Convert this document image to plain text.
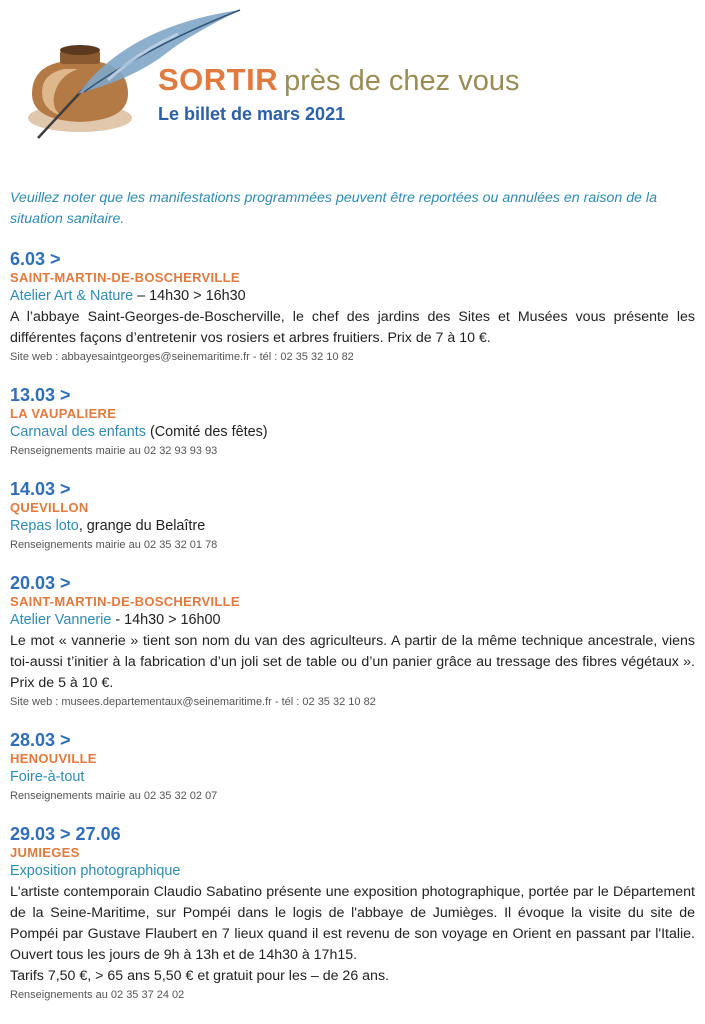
SORTIR près de chez vous
Le billet de mars 2021
Veuillez noter que les manifestations programmées peuvent être reportées ou annulées en raison de la situation sanitaire.
6.03 >
SAINT-MARTIN-DE-BOSCHERVILLE
Atelier Art & Nature – 14h30 > 16h30
A l’abbaye Saint-Georges-de-Boscherville, le chef des jardins des Sites et Musées vous présente les différentes façons d’entretenir vos rosiers et arbres fruitiers. Prix de 7 à 10 €.
Site web : abbayesaintgeorges@seinemaritime.fr - tél : 02 35 32 10 82
13.03 >
LA VAUPALIERE
Carnaval des enfants (Comité des fêtes)
Renseignements mairie au 02 32 93 93 93
14.03 >
QUEVILLON
Repas loto, grange du Belaître
Renseignements mairie au 02 35 32 01 78
20.03 >
SAINT-MARTIN-DE-BOSCHERVILLE
Atelier Vannerie - 14h30 > 16h00
Le mot « vannerie » tient son nom du van des agriculteurs. A partir de la même technique ancestrale, viens toi-aussi t’initier à la fabrication d’un joli set de table ou d’un panier grâce au tressage des fibres végétaux ». Prix de 5 à 10 €.
Site web : musees.departementaux@seinemaritime.fr - tél : 02 35 32 10 82
28.03 >
HENOUVILLE
Foire-à-tout
Renseignements mairie au 02 35 32 02 07
29.03 > 27.06
JUMIEGES
Exposition photographique
L'artiste contemporain Claudio Sabatino présente une exposition photographique, portée par le Département de la Seine-Maritime, sur Pompéi dans le logis de l'abbaye de Jumièges. Il évoque la visite du site de Pompéi par Gustave Flaubert en 7 lieux quand il est revenu de son voyage en Orient en passant par l'Italie. Ouvert tous les jours de 9h à 13h et de 14h30 à 17h15.
Tarifs 7,50 €, > 65 ans 5,50 € et gratuit pour les – de 26 ans.
Renseignements au 02 35 37 24 02
